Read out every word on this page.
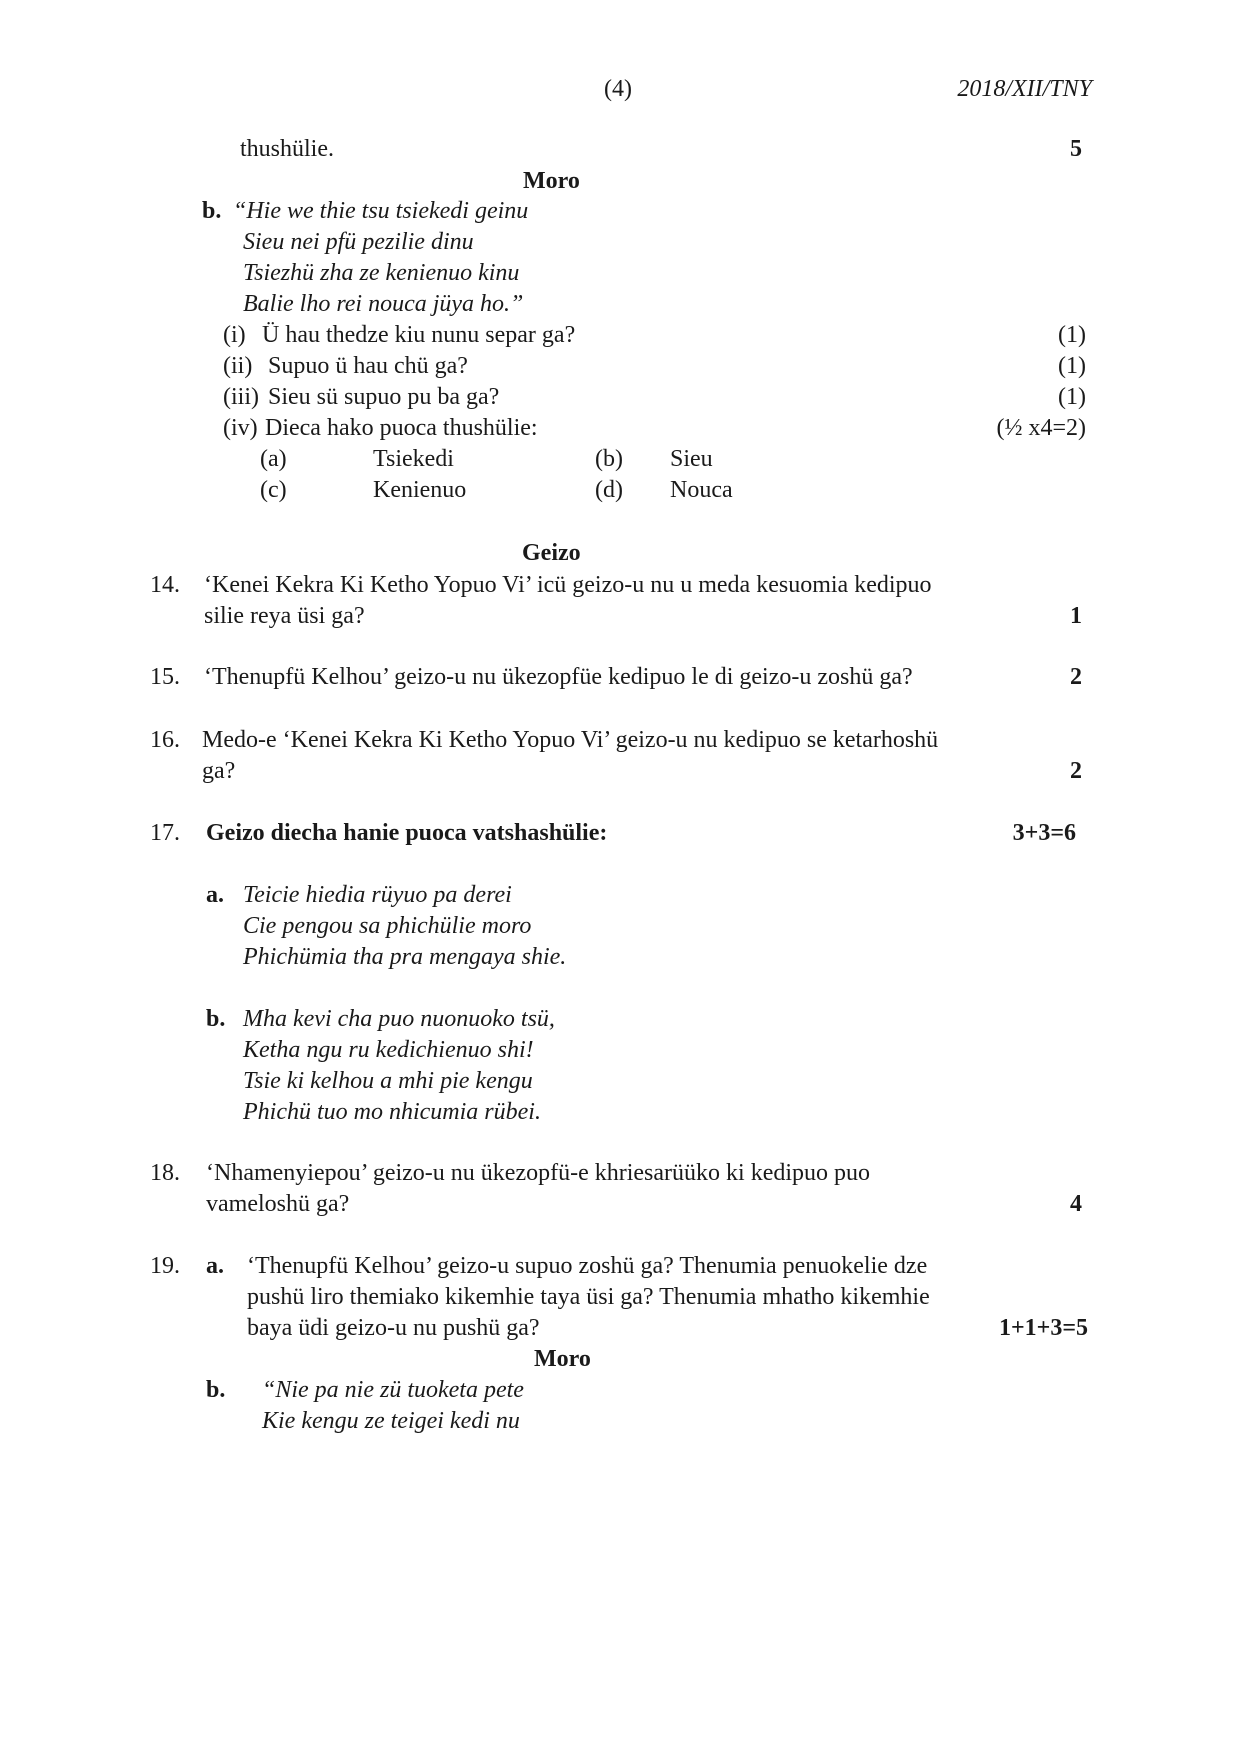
(4)	2018/XII/TNY
thushülie.	5
Moro
b. “Hie we thie tsu tsiekedi geinu
Sieu nei pfü pezilie dinu
Tsiezhü zha ze kenienuo kinu
Balie lho rei nouca jüya ho.”
(i) Ü hau thedze kiu nunu separ ga?	(1)
(ii) Supuo ü hau chü ga?	(1)
(iii) Sieu sü supuo pu ba ga?	(1)
(iv) Dieca hako puoca thushülie:	(½ x4=2)
(a)	Tsiekedi	(b) Sieu
(c)	Kenienuo	(d) Nouca
Geizo
14. ‘Kenei Kekra Ki Ketho Yopuo Vi’ icü geizo-u nu u meda kesuomia kedipuo
silie reya üsi ga?	1
15. ‘Thenupfü Kelhou’ geizo-u nu ükezopfüe kedipuo le di geizo-u zoshü ga?	2
16. Medo-e ‘Kenei Kekra Ki Ketho Yopuo Vi’ geizo-u nu kedipuo se ketarhoshü
ga?	2
17. Geizo diecha hanie puoca vatshashülie:	3+3=6
a. Teicie hiedia rüyuo pa derei
Cie pengou sa phichülie moro
Phichümia tha pra mengaya shie.
b. Mha kevi cha puo nuonuoko tsü,
Ketha ngu ru kedichienuo shi!
Tsie ki kelhou a mhi pie kengu
Phichü tuo mo nhicumia rübei.
18. ‘Nhamenyiepou’ geizo-u nu ükezopfü-e khriesarüüko ki kedipuo puo
vameloshü ga?	4
19. a. ‘Thenupfü Kelhou’ geizo-u supuo zoshü ga? Thenumia penuokelie dze
pushü liro themiako kikemhie taya üsi ga? Thenumia mhatho kikemhie
baya üdi geizo-u nu pushü ga?	1+1+3=5
Moro
b. “Nie pa nie zü tuoketa pete
Kie kengu ze teigei kedi nu
